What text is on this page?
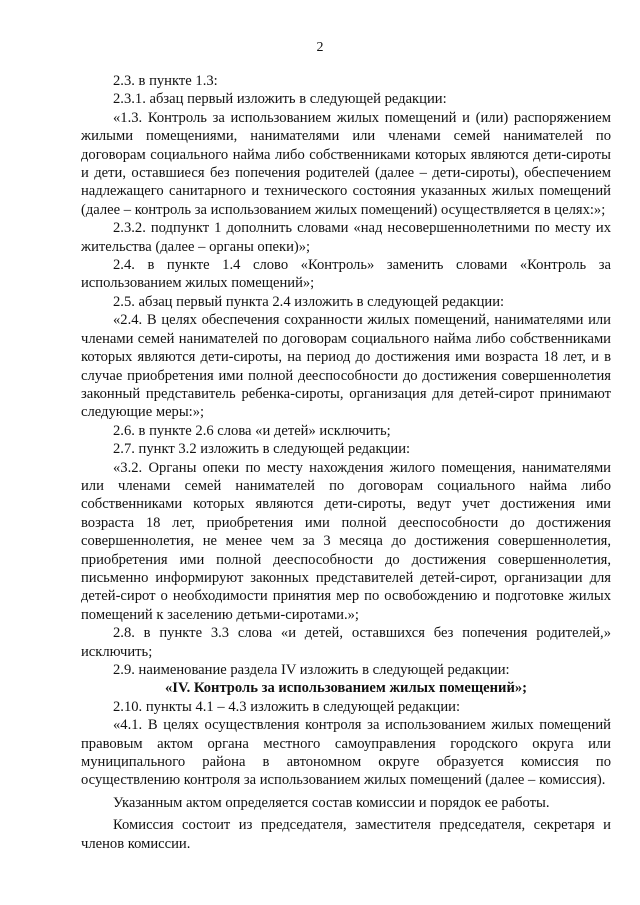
2

2.3. в пункте 1.3:

2.3.1. абзац первый изложить в следующей редакции:

«1.3. Контроль за использованием жилых помещений и (или) распоряжением жилыми помещениями, нанимателями или членами семей нанимателей по договорам социального найма либо собственниками которых являются дети-сироты и дети, оставшиеся без попечения родителей (далее – дети-сироты), обеспечением надлежащего санитарного и технического состояния указанных жилых помещений (далее – контроль за использованием жилых помещений) осуществляется в целях:»;

2.3.2. подпункт 1 дополнить словами «над несовершеннолетними по месту их жительства (далее – органы опеки)»;

2.4. в пункте 1.4 слово «Контроль» заменить словами «Контроль за использованием жилых помещений»;

2.5. абзац первый пункта 2.4 изложить в следующей редакции:

«2.4. В целях обеспечения сохранности жилых помещений, нанимателями или членами семей нанимателей по договорам социального найма либо собственниками которых являются дети-сироты, на период до достижения ими возраста 18 лет, и в случае приобретения ими полной дееспособности до достижения совершеннолетия законный представитель ребенка-сироты, организация для детей-сирот принимают следующие меры:»;

2.6. в пункте 2.6 слова «и детей» исключить;

2.7. пункт 3.2 изложить в следующей редакции:

«3.2. Органы опеки по месту нахождения жилого помещения, нанимателями или членами семей нанимателей по договорам социального найма либо собственниками которых являются дети-сироты, ведут учет достижения ими возраста 18 лет, приобретения ими полной дееспособности до достижения совершеннолетия, не менее чем за 3 месяца до достижения совершеннолетия, приобретения ими полной дееспособности до достижения совершеннолетия, письменно информируют законных представителей детей-сирот, организации для детей-сирот о необходимости принятия мер по освобождению и подготовке жилых помещений к заселению детьми-сиротами.»;

2.8. в пункте 3.3 слова «и детей, оставшихся без попечения родителей,» исключить;

2.9. наименование раздела IV изложить в следующей редакции:

«IV. Контроль за использованием жилых помещений»;

2.10. пункты 4.1 – 4.3 изложить в следующей редакции:

«4.1. В целях осуществления контроля за использованием жилых помещений правовым актом органа местного самоуправления городского округа или муниципального района в автономном округе образуется комиссия по осуществлению контроля за использованием жилых помещений (далее – комиссия).

Указанным актом определяется состав комиссии и порядок ее работы.

Комиссия состоит из председателя, заместителя председателя, секретаря и членов комиссии.
